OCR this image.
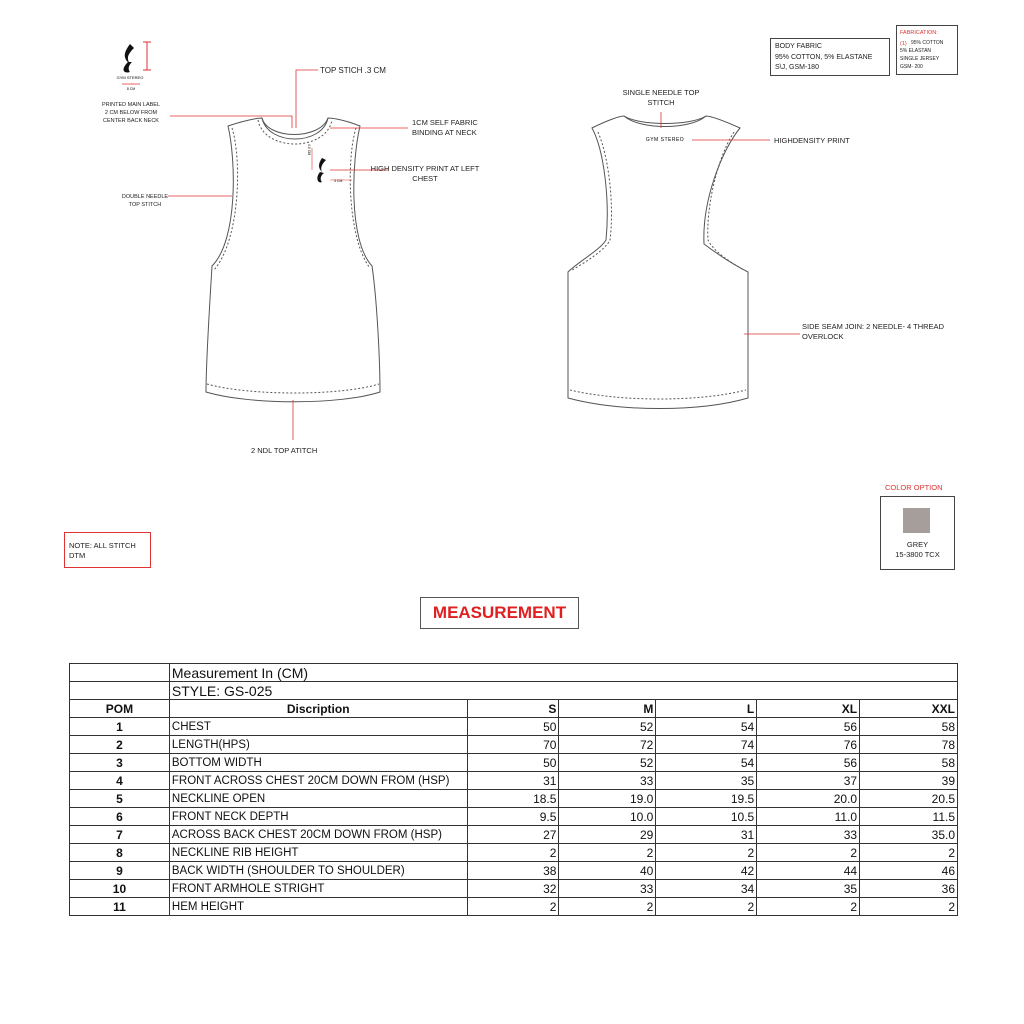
GYM STEREO
8 CM
4.5 CM
3 CM
GYM STEREO
TOP STICH .3 CM
PRINTED MAIN LABEL 2 CM BELOW FROM CENTER BACK NECK	1CM SELF FABRIC BINDING AT NECK
HIGH DENSITY PRINT AT LEFT CHEST
DOUBLE NEEDLE TOP STITCH
2 NDL TOP ATITCH
SINGLE NEEDLE TOP STITCH
HIGHDENSITY PRINT
SIDE SEAM JOIN: 2 NEEDLE- 4 THREAD OVERLOCK
BODY FABRIC
95% COTTON, 5% ELASTANE
S\J, GSM-180
FABRICATION:
(1) 95% COTTON
5% ELASTAN
SINGLE JERSEY
GSM- 200
COLOR OPTION
GREY
15-3800 TCX
NOTE: ALL STITCH DTM
MEASUREMENT
	Measurement In (CM)					
	STYLE: GS-025					
POM	Discription	S	M	L	XL	XXL
1	CHEST	50	52	54	56	58
2	LENGTH(HPS)	70	72	74	76	78
3	BOTTOM WIDTH	50	52	54	56	58
4	FRONT ACROSS CHEST 20CM DOWN FROM (HSP)	31	33	35	37	39
5	NECKLINE OPEN	18.5	19.0	19.5	20.0	20.5
6	FRONT NECK DEPTH	9.5	10.0	10.5	11.0	11.5
7	ACROSS BACK CHEST 20CM DOWN FROM (HSP)	27	29	31	33	35.0
8	NECKLINE RIB HEIGHT	2	2	2	2	2
9	BACK WIDTH (SHOULDER TO SHOULDER)	38	40	42	44	46
10	FRONT ARMHOLE STRIGHT	32	33	34	35	36
11	HEM HEIGHT	2	2	2	2	2
